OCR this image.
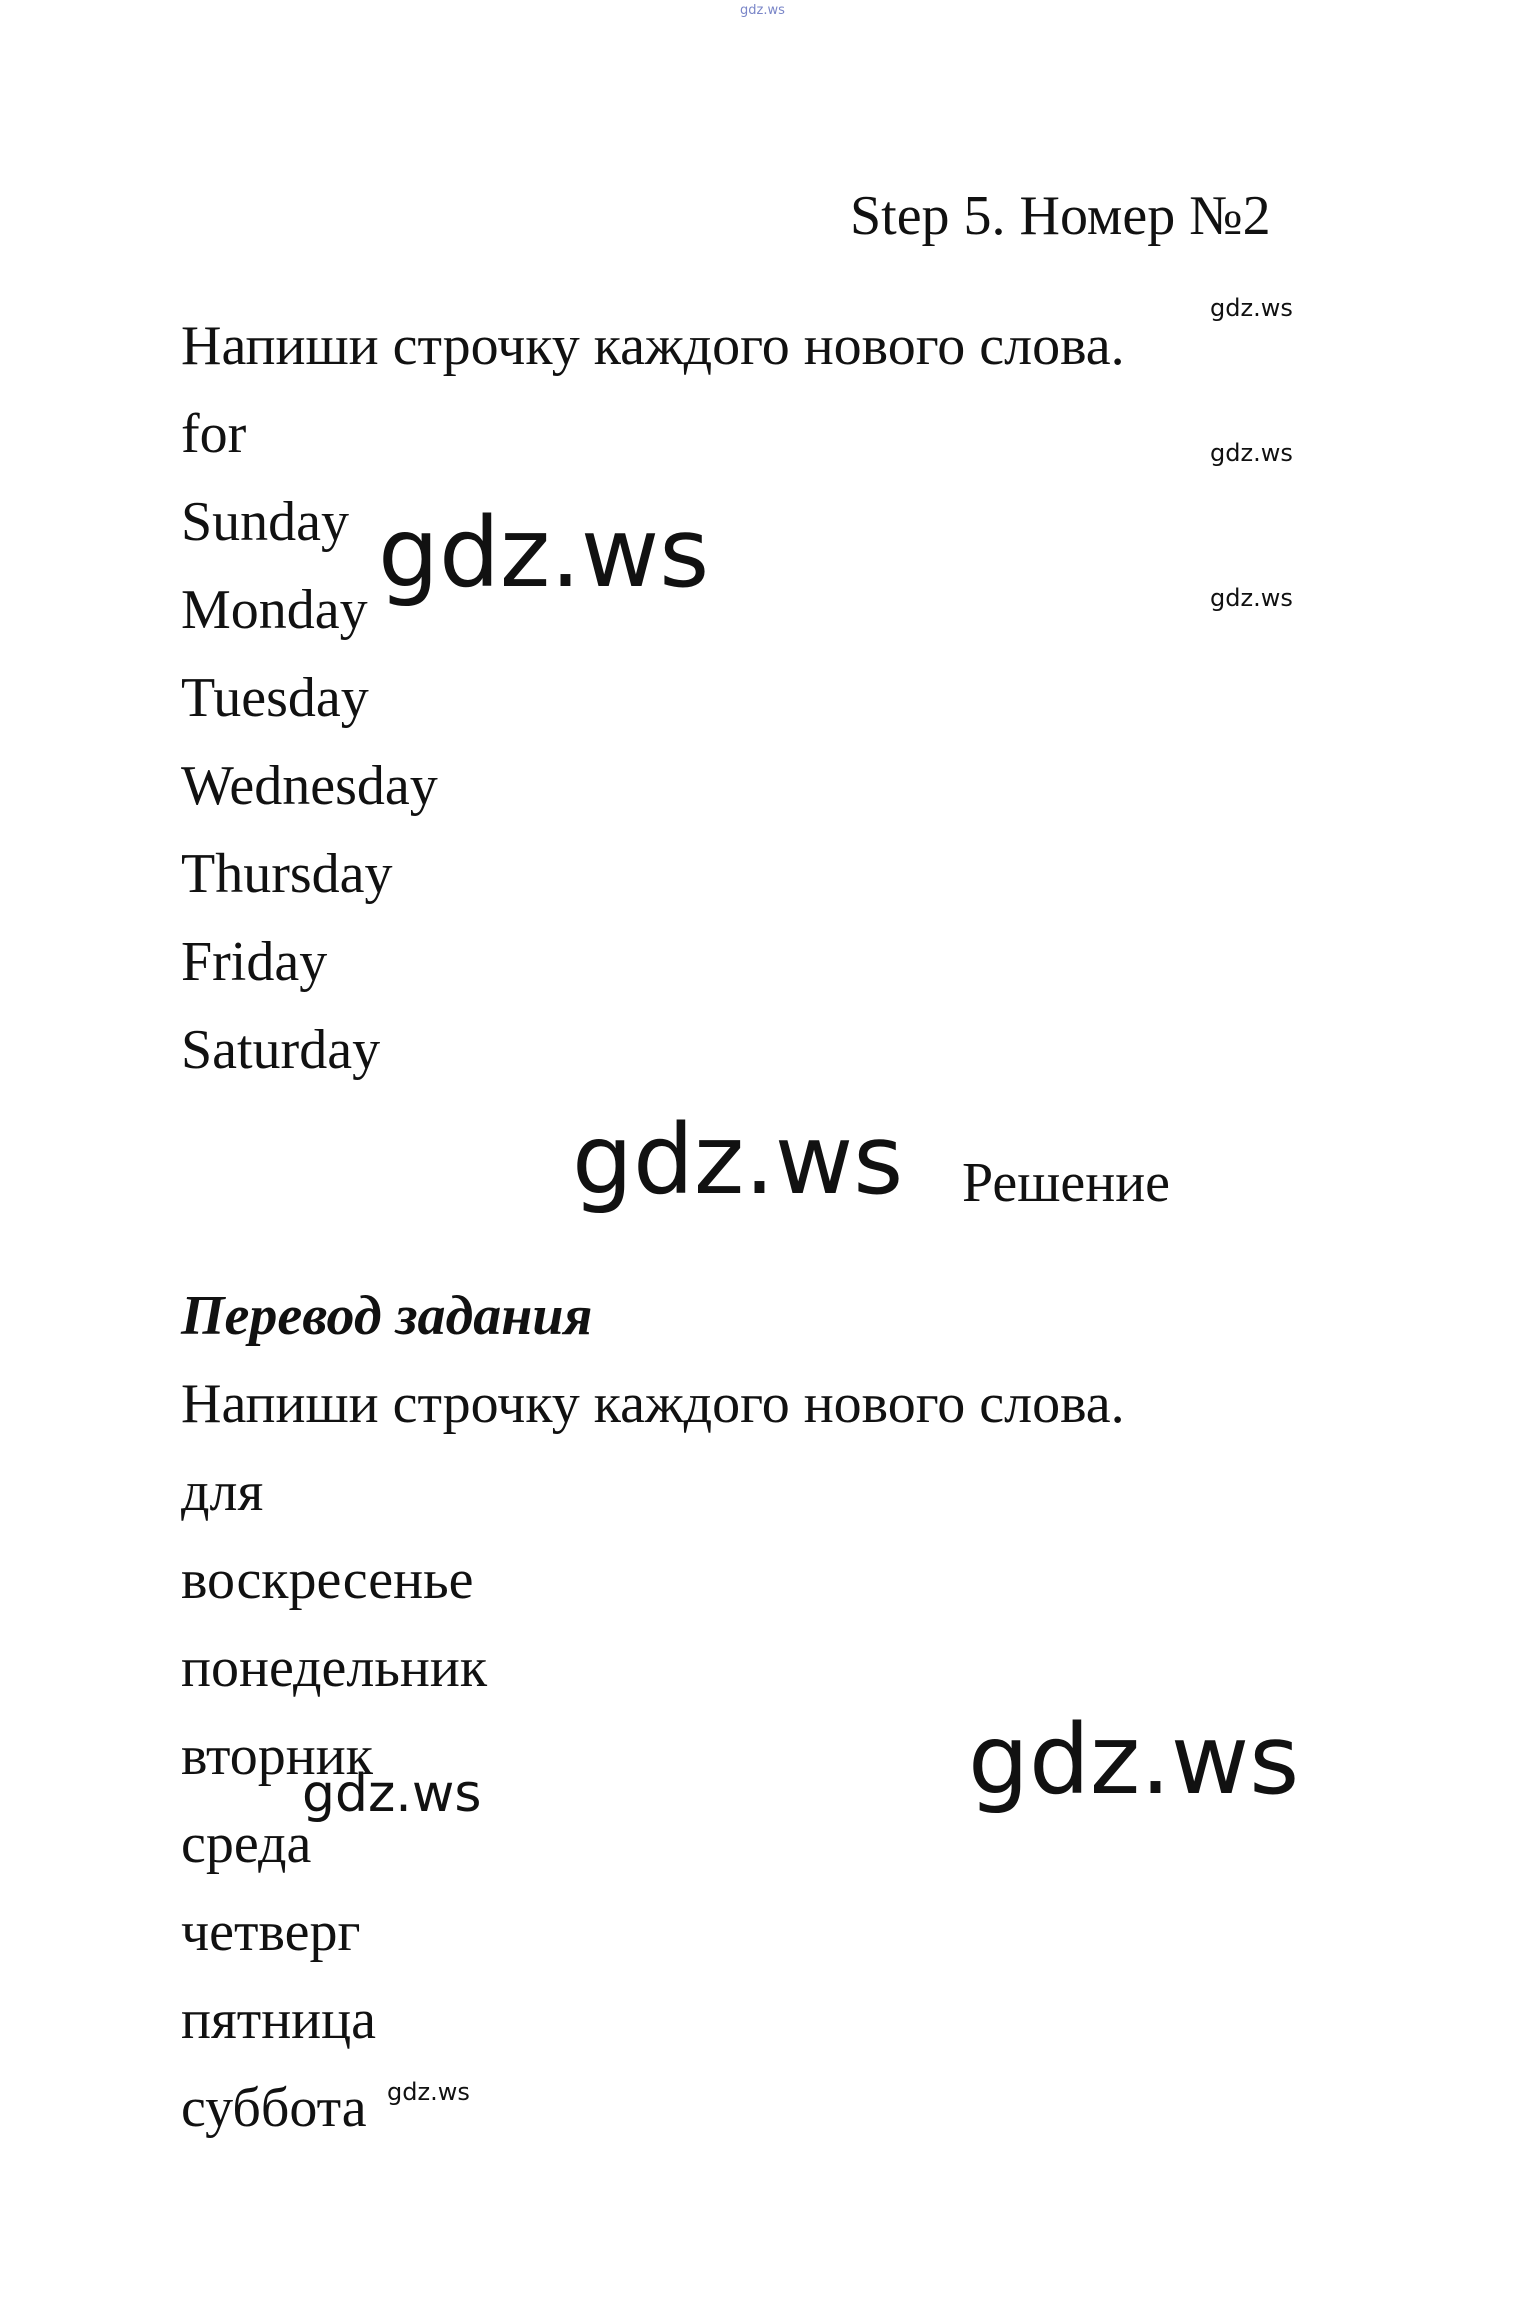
gdz.ws
Step 5. Номер №2
gdz.ws
gdz.ws
gdz.ws
Напиши строчку каждого нового слова.
for
Sunday
Monday
Tuesday
Wednesday
Thursday
Friday
Saturday
gdz.ws
gdz.ws Решение
Перевод задания
Напиши строчку каждого нового слова.
для
воскресенье
понедельник
вторник
среда
четверг
пятница
суббота
gdz.ws	gdz.ws
gdz.ws
